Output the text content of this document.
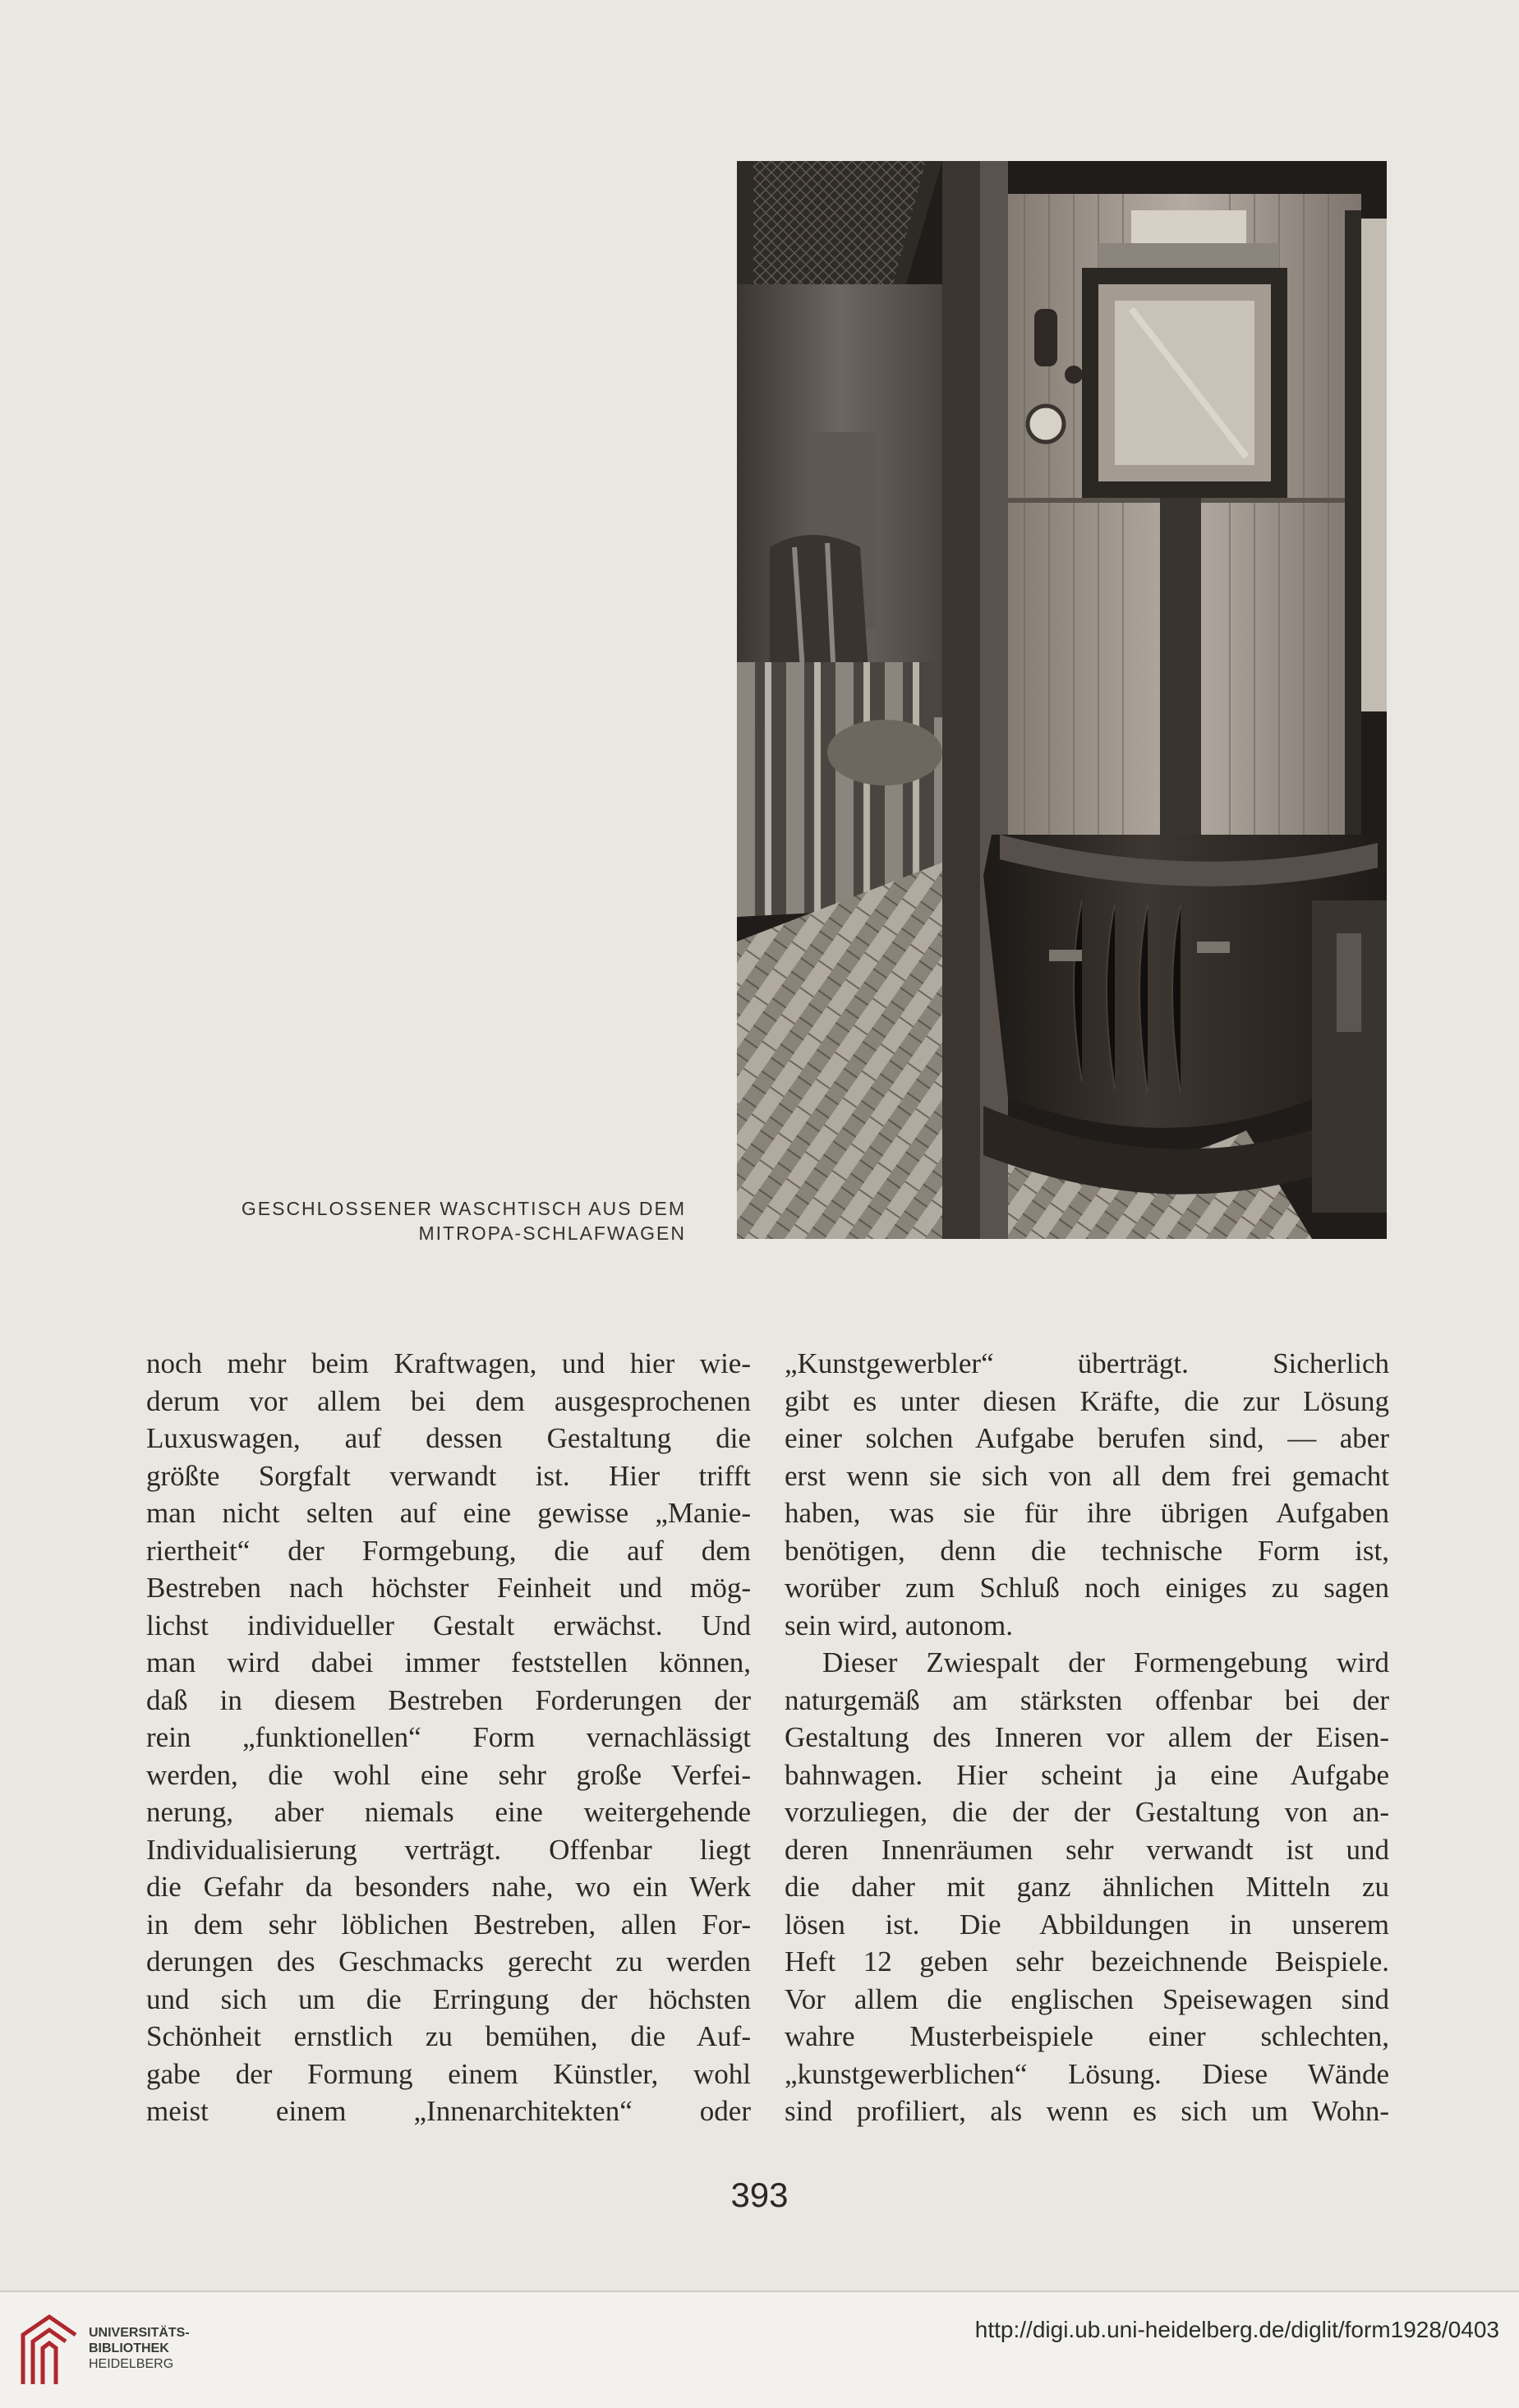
GESCHLOSSENER WASCHTISCH AUS DEM
MITROPA-SCHLAFWAGEN
noch mehr beim Kraftwagen, und hier wie-
derum vor allem bei dem ausgesprochenen
Luxuswagen, auf dessen Gestaltung die
größte Sorgfalt verwandt ist. Hier trifft
man nicht selten auf eine gewisse „Manie-
riertheit“ der Formgebung, die auf dem
Bestreben nach höchster Feinheit und mög-
lichst individueller Gestalt erwächst. Und
man wird dabei immer feststellen können,
daß in diesem Bestreben Forderungen der
rein „funktionellen“ Form vernachlässigt
werden, die wohl eine sehr große Verfei-
nerung, aber niemals eine weitergehende
Individualisierung verträgt. Offenbar liegt
die Gefahr da besonders nahe, wo ein Werk
in dem sehr löblichen Bestreben, allen For-
derungen des Geschmacks gerecht zu werden
und sich um die Erringung der höchsten
Schönheit ernstlich zu bemühen, die Auf-
gabe der Formung einem Künstler, wohl
meist einem „Innenarchitekten“ oder
„Kunstgewerbler“ überträgt. Sicherlich
gibt es unter diesen Kräfte, die zur Lösung
einer solchen Aufgabe berufen sind, — aber
erst wenn sie sich von all dem frei gemacht
haben, was sie für ihre übrigen Aufgaben
benötigen, denn die technische Form ist,
worüber zum Schluß noch einiges zu sagen
sein wird, autonom.
Dieser Zwiespalt der Formengebung wird
naturgemäß am stärksten offenbar bei der
Gestaltung des Inneren vor allem der Eisen-
bahnwagen. Hier scheint ja eine Aufgabe
vorzuliegen, die der der Gestaltung von an-
deren Innenräumen sehr verwandt ist und
die daher mit ganz ähnlichen Mitteln zu
lösen ist. Die Abbildungen in unserem
Heft 12 geben sehr bezeichnende Beispiele.
Vor allem die englischen Speisewagen sind
wahre Musterbeispiele einer schlechten,
„kunstgewerblichen“ Lösung. Diese Wände
sind profiliert, als wenn es sich um Wohn-
393
UNIVERSITÄTS-
BIBLIOTHEK
HEIDELBERG
http://digi.ub.uni-heidelberg.de/diglit/form1928/0403
